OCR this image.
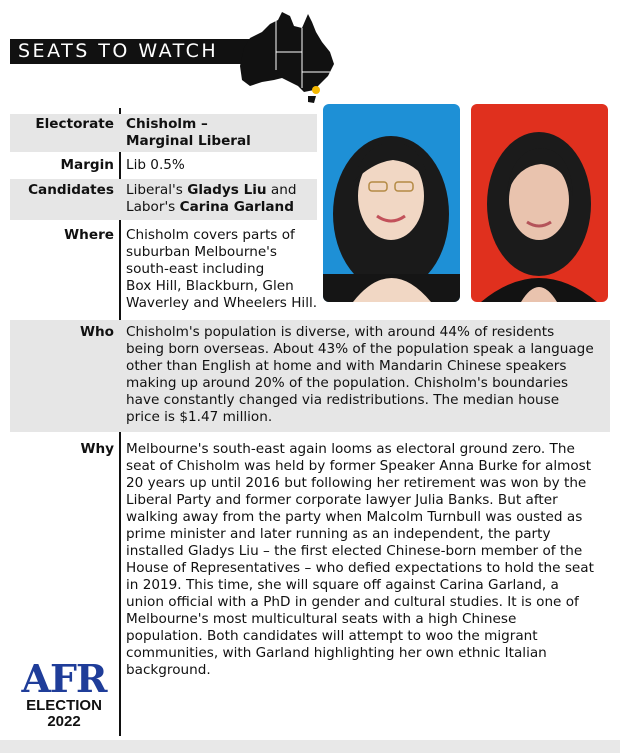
SEATS TO WATCH
Electorate Chisholm –
Marginal Liberal
Margin Lib 0.5%
Candidates Liberal's Gladys Liu and
Labor's Carina Garland
Where Chisholm covers parts of
suburban Melbourne's
south-east including
Box Hill, Blackburn, Glen
Waverley and Wheelers Hill.
Who Chisholm's population is diverse, with around 44% of residents
being born overseas. About 43% of the population speak a language
other than English at home and with Mandarin Chinese speakers
making up around 20% of the population. Chisholm's boundaries
have constantly changed via redistributions. The median house
price is $1.47 million.
Why Melbourne's south-east again looms as electoral ground zero. The
seat of Chisholm was held by former Speaker Anna Burke for almost
20 years up until 2016 but following her retirement was won by the
Liberal Party and former corporate lawyer Julia Banks. But after
walking away from the party when Malcolm Turnbull was ousted as
prime minister and later running as an independent, the party
installed Gladys Liu – the first elected Chinese-born member of the
House of Representatives – who defied expectations to hold the seat
in 2019. This time, she will square off against Carina Garland, a
union official with a PhD in gender and cultural studies. It is one of
Melbourne's most multicultural seats with a high Chinese
population. Both candidates will attempt to woo the migrant
communities, with Garland highlighting her own ethnic Italian
background.
AFR
ELECTION
2022
